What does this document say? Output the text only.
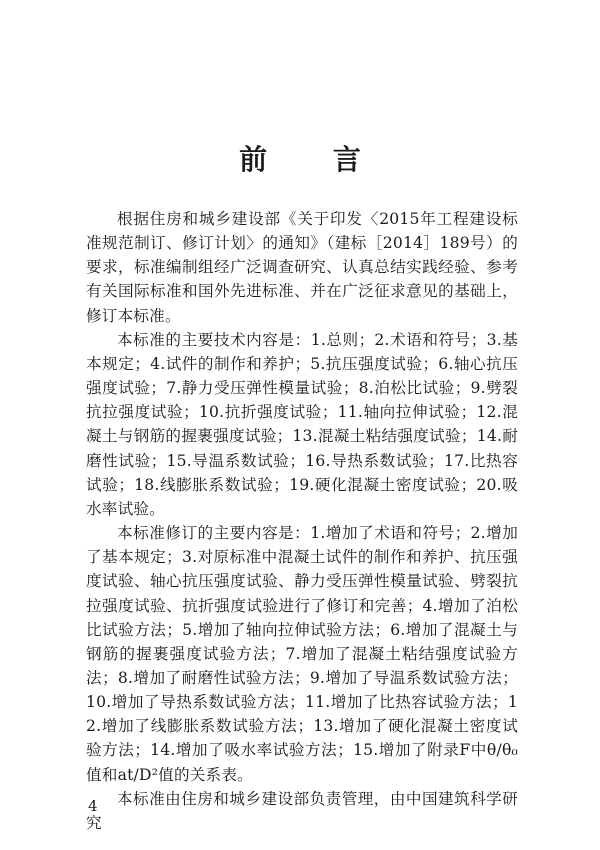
前 言

根据住房和城乡建设部《关于印发〈2015年工程建设标准规范制订、修订计划〉的通知》（建标［2014］189号）的要求，标准编制组经广泛调查研究、认真总结实践经验、参考有关国际标准和国外先进标准、并在广泛征求意见的基础上，修订本标准。

本标准的主要技术内容是：1.总则；2.术语和符号；3.基本规定；4.试件的制作和养护；5.抗压强度试验；6.轴心抗压强度试验；7.静力受压弹性模量试验；8.泊松比试验；9.劈裂抗拉强度试验；10.抗折强度试验；11.轴向拉伸试验；12.混凝土与钢筋的握裹强度试验；13.混凝土粘结强度试验；14.耐磨性试验；15.导温系数试验；16.导热系数试验；17.比热容试验；18.线膨胀系数试验；19.硬化混凝土密度试验；20.吸水率试验。

本标准修订的主要内容是：1.增加了术语和符号；2.增加了基本规定；3.对原标准中混凝土试件的制作和养护、抗压强度试验、轴心抗压强度试验、静力受压弹性模量试验、劈裂抗拉强度试验、抗折强度试验进行了修订和完善；4.增加了泊松比试验方法；5.增加了轴向拉伸试验方法；6.增加了混凝土与钢筋的握裹强度试验方法；7.增加了混凝土粘结强度试验方法；8.增加了耐磨性试验方法；9.增加了导温系数试验方法；10.增加了导热系数试验方法；11.增加了比热容试验方法；12.增加了线膨胀系数试验方法；13.增加了硬化混凝土密度试验方法；14.增加了吸水率试验方法；15.增加了附录F中θ/θ₀值和at/D²值的关系表。

本标准由住房和城乡建设部负责管理，由中国建筑科学研究

4
